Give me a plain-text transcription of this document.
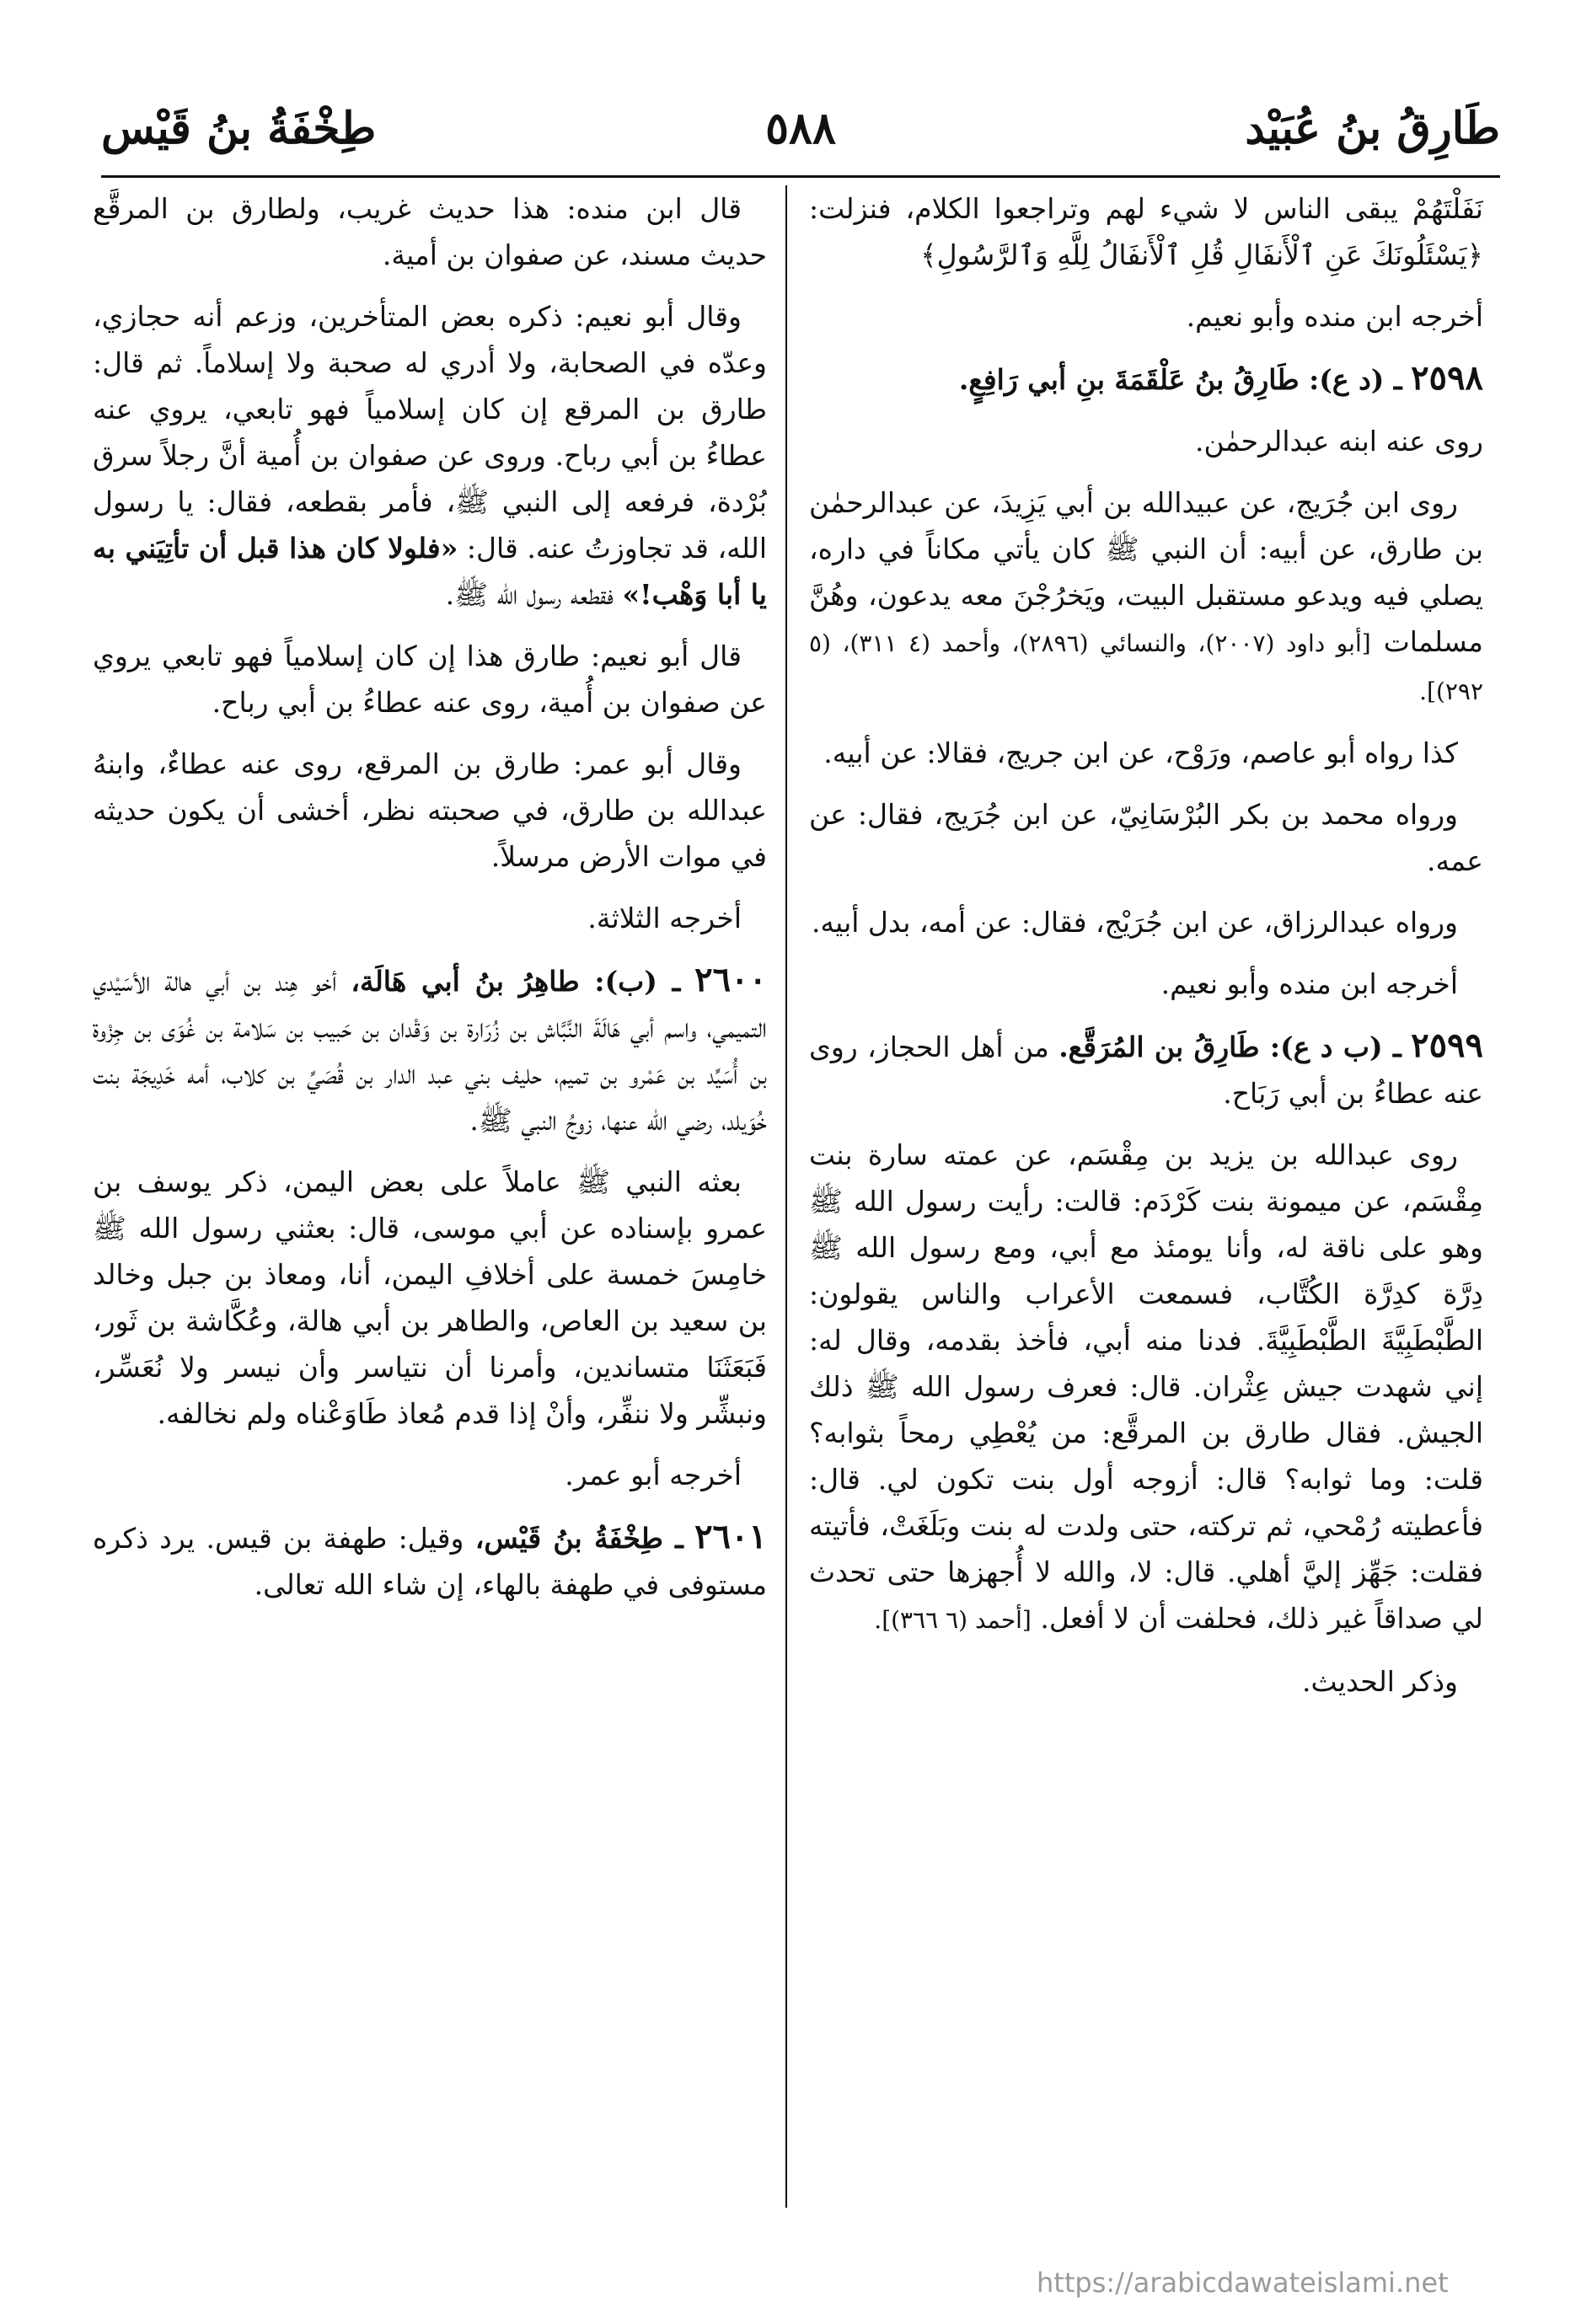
طَارِقُ بنُ عُبَيْد
٥٨٨
طِخْفَةُ بنُ قَيْس

نَفَلْتَهُمْ يبقى الناس لا شيء لهم وتراجعوا الكلام، فنزلت: ﴿يَسْئَلُونَكَ عَنِ ٱلْأَنفَالِ قُلِ ٱلْأَنفَالُ لِلَّهِ وَٱلرَّسُولِ﴾

أخرجه ابن منده وأبو نعيم.

٢٥٩٨ ـ (د ع): طَارِقُ بنُ عَلْقَمَةَ بنِ أبي رَافِعٍ.

روى عنه ابنه عبدالرحمٰن.

روى ابن جُرَيج، عن عبيدالله بن أبي يَزِيدَ، عن عبدالرحمٰن بن طارق، عن أبيه: أن النبي ﷺ كان يأتي مكاناً في داره، يصلي فيه ويدعو مستقبل البيت، ويَخرُجْنَ معه يدعون، وهُنَّ مسلمات [أبو داود (٢٠٠٧)، والنسائي (٢٨٩٦)، وأحمد (٤ ٣١١)، (٥ ٢٩٢)].

كذا رواه أبو عاصم، ورَوْح، عن ابن جريج، فقالا: عن أبيه.

ورواه محمد بن بكر البُرْسَانِيّ، عن ابن جُرَيج، فقال: عن عمه.

ورواه عبدالرزاق، عن ابن جُرَيْج، فقال: عن أمه، بدل أبيه.

أخرجه ابن منده وأبو نعيم.

٢٥٩٩ ـ (ب د ع): طَارِقُ بن المُرَقَّع. من أهل الحجاز، روى عنه عطاءُ بن أبي رَبَاح.

روى عبدالله بن يزيد بن مِقْسَم، عن عمته سارة بنت مِقْسَم، عن ميمونة بنت كَرْدَم: قالت: رأيت رسول الله ﷺ وهو على ناقة له، وأنا يومئذ مع أبي، ومع رسول الله ﷺ دِرَّة كدِرَّة الكُتَّاب، فسمعت الأعراب والناس يقولون: الطَّبْطَبِيَّةَ الطَّبْطَبِيَّةَ. فدنا منه أبي، فأخذ بقدمه، وقال له: إني شهدت جيش عِثْران. قال: فعرف رسول الله ﷺ ذلك الجيش. فقال طارق بن المرقَّع: من يُعْطِي رمحاً بثوابه؟ قلت: وما ثوابه؟ قال: أزوجه أول بنت تكون لي. قال: فأعطيته رُمْحي، ثم تركته، حتى ولدت له بنت وبَلَغَتْ، فأتيته فقلت: جَهِّز إليَّ أهلي. قال: لا، والله لا أُجهزها حتى تحدث لي صداقاً غير ذلك، فحلفت أن لا أفعل. [أحمد (٦ ٣٦٦)].

وذكر الحديث.

قال ابن منده: هذا حديث غريب، ولطارق بن المرقَّع حديث مسند، عن صفوان بن أمية.

وقال أبو نعيم: ذكره بعض المتأخرين، وزعم أنه حجازي، وعدّه في الصحابة، ولا أدري له صحبة ولا إسلاماً. ثم قال: طارق بن المرقع إن كان إسلامياً فهو تابعي، يروي عنه عطاءُ بن أبي رباح. وروى عن صفوان بن أُمية أنَّ رجلاً سرق بُرْدة، فرفعه إلى النبي ﷺ، فأمر بقطعه، فقال: يا رسول الله، قد تجاوزتُ عنه. قال: «فلولا كان هذا قبل أن تأتِيَني به يا أبا وَهْب!» فقطعه رسول الله ﷺ.

قال أبو نعيم: طارق هذا إن كان إسلامياً فهو تابعي يروي عن صفوان بن أُمية، روى عنه عطاءُ بن أبي رباح.

وقال أبو عمر: طارق بن المرقع، روى عنه عطاءٌ، وابنهُ عبدالله بن طارق، في صحبته نظر، أخشى أن يكون حديثه في موات الأرض مرسلاً.

أخرجه الثلاثة.

٢٦٠٠ ـ (ب): طاهِرُ بنُ أبي هَالَة، أخو هِند بن أبي هالة الأسَيْدي التميمي، واسم أبي هَالَةَ النَّبَّاش بن زُرَارة بن وَقْدان بن حَبيب بن سَلامة بن غُوَى بن جِزْوة بن أُسَيِّد بن عَمْرو بن تميم، حليف بني عبد الدار بن قُصَيِّ بن كلاب، أمه خَدِيجَة بنت خُوَيلد، رضي الله عنها، زوجُ النبي ﷺ.

بعثه النبي ﷺ عاملاً على بعض اليمن، ذكر يوسف بن عمرو بإسناده عن أبي موسى، قال: بعثني رسول الله ﷺ خامِسَ خمسة على أخلافِ اليمن، أنا، ومعاذ بن جبل وخالد بن سعيد بن العاص، والطاهر بن أبي هالة، وعُكَّاشة بن ثَور، فَبَعَثَنَا متساندين، وأمرنا أن نتياسر وأن نيسر ولا نُعَسِّر، ونبشِّر ولا ننفِّر، وأنْ إذا قدم مُعاذ طَاوَعْناه ولم نخالفه.

أخرجه أبو عمر.

٢٦٠١ ـ طِخْفَةُ بنُ قَيْس، وقيل: طهفة بن قيس. يرد ذكره مستوفى في طهفة بالهاء، إن شاء الله تعالى.

https://arabicdawateislami.net
